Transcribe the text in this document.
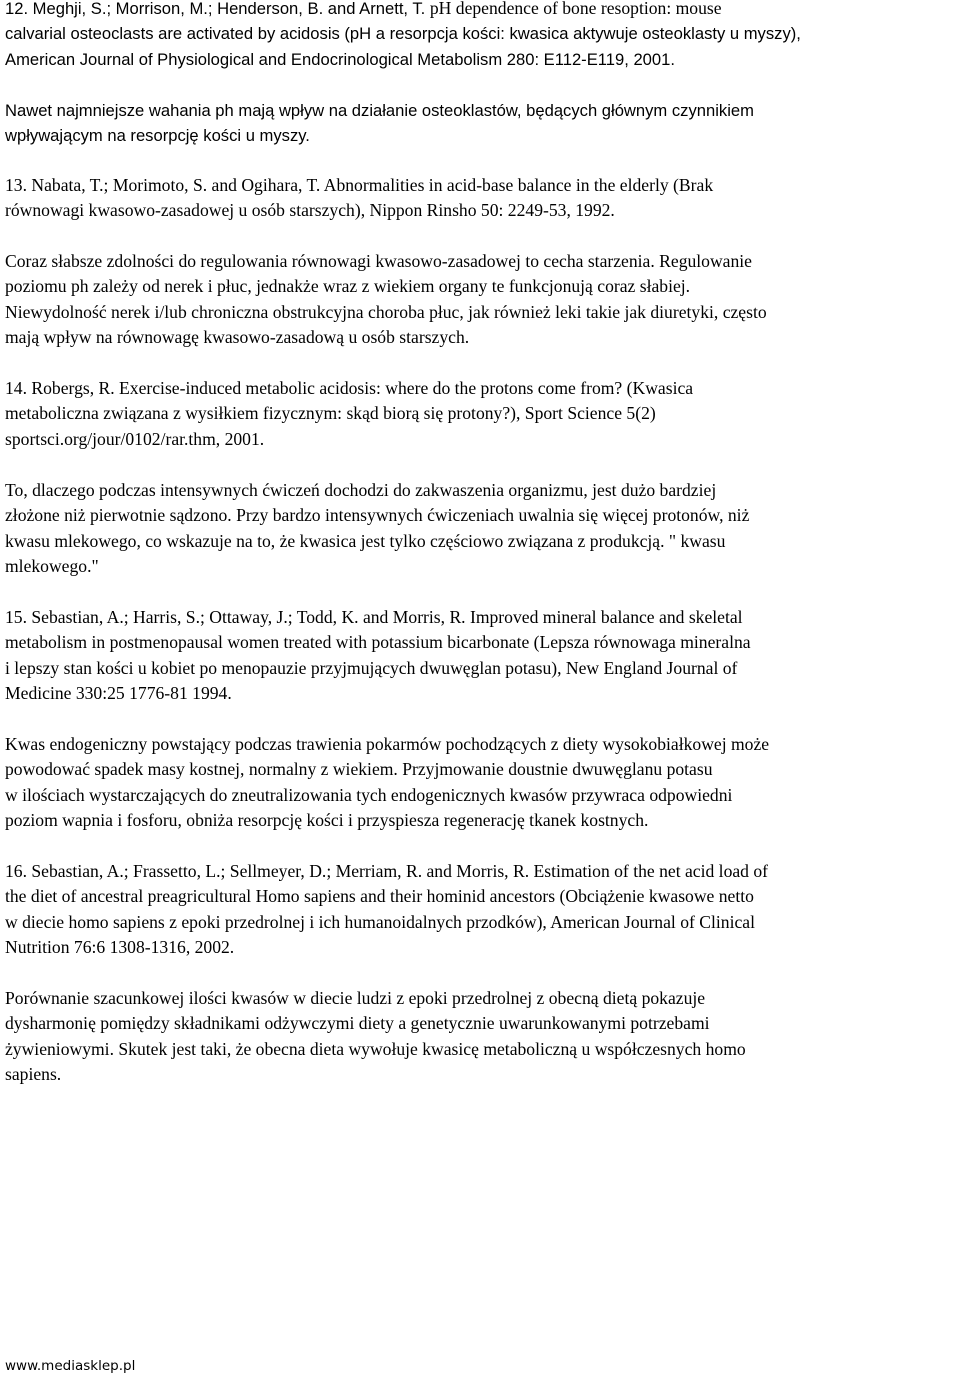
12. Meghji, S.; Morrison, M.; Henderson, B. and Arnett, T. pH dependence of bone resoption: mouse
calvarial osteoclasts are activated by acidosis (pH a resorpcja kości: kwasica aktywuje osteoklasty u myszy),
American Journal of Physiological and Endocrinological Metabolism 280: E112-E119, 2001.
Nawet najmniejsze wahania ph mają wpływ na działanie osteoklastów, będących głównym czynnikiem
wpływającym na resorpcję kości u myszy.
13. Nabata, T.; Morimoto, S. and Ogihara, T. Abnormalities in acid-base balance in the elderly (Brak
równowagi kwasowo-zasadowej u osób starszych), Nippon Rinsho 50: 2249-53, 1992.
Coraz słabsze zdolności do regulowania równowagi kwasowo-zasadowej to cecha starzenia. Regulowanie
poziomu ph zależy od nerek i płuc, jednakże wraz z wiekiem organy te funkcjonują coraz słabiej.
Niewydolność nerek i/lub chroniczna obstrukcyjna choroba płuc, jak również leki takie jak diuretyki, często
mają wpływ na równowagę kwasowo-zasadową u osób starszych.
14. Robergs, R. Exercise-induced metabolic acidosis: where do the protons come from? (Kwasica
metaboliczna związana z wysiłkiem fizycznym: skąd biorą się protony?), Sport Science 5(2)
sportsci.org/jour/0102/rar.thm, 2001.
To, dlaczego podczas intensywnych ćwiczeń dochodzi do zakwaszenia organizmu, jest dużo bardziej
złożone niż pierwotnie sądzono. Przy bardzo intensywnych ćwiczeniach uwalnia się więcej protonów, niż
kwasu mlekowego, co wskazuje na to, że kwasica jest tylko częściowo związana z produkcją. " kwasu
mlekowego."
15. Sebastian, A.; Harris, S.; Ottaway, J.; Todd, K. and Morris, R. Improved mineral balance and skeletal
metabolism in postmenopausal women treated with potassium bicarbonate (Lepsza równowaga mineralna
i lepszy stan kości u kobiet po menopauzie przyjmujących dwuwęglan potasu), New England Journal of
Medicine 330:25 1776-81 1994.
Kwas endogeniczny powstający podczas trawienia pokarmów pochodzących z diety wysokobiałkowej może
powodować spadek masy kostnej, normalny z wiekiem. Przyjmowanie doustnie dwuwęglanu potasu
w ilościach wystarczających do zneutralizowania tych endogenicznych kwasów przywraca odpowiedni
poziom wapnia i fosforu, obniża resorpcję kości i przyspiesza regenerację tkanek kostnych.
16. Sebastian, A.; Frassetto, L.; Sellmeyer, D.; Merriam, R. and Morris, R. Estimation of the net acid load of
the diet of ancestral preagricultural Homo sapiens and their hominid ancestors (Obciążenie kwasowe netto
w diecie homo sapiens z epoki przedrolnej i ich humanoidalnych przodków), American Journal of Clinical
Nutrition 76:6 1308-1316, 2002.
Porównanie szacunkowej ilości kwasów w diecie ludzi z epoki przedrolnej z obecną dietą pokazuje
dysharmonię pomiędzy składnikami odżywczymi diety a genetycznie uwarunkowanymi potrzebami
żywieniowymi. Skutek jest taki, że obecna dieta wywołuje kwasicę metaboliczną u współczesnych homo
sapiens.
www.mediasklep.pl
